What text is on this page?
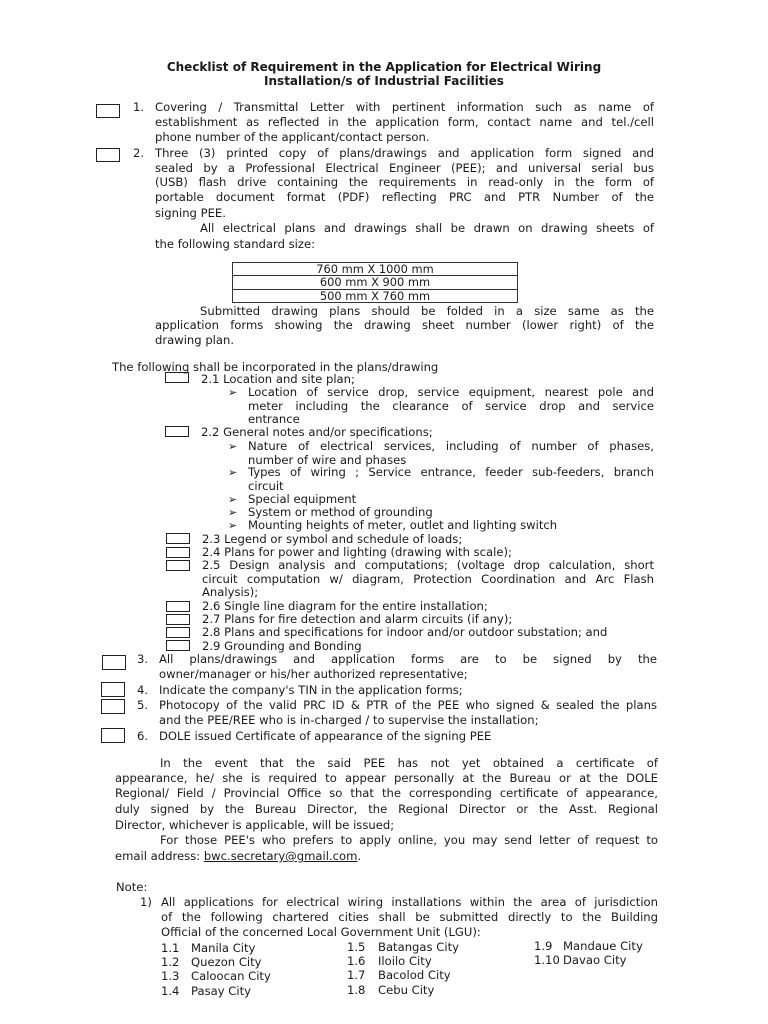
Checklist of Requirement in the Application for Electrical Wiring
Installation/s of Industrial Facilities
1. Covering / Transmittal Letter with pertinent information such as name of
establishment as reflected in the application form, contact name and tel./cell
phone number of the applicant/contact person.
2. Three (3) printed copy of plans/drawings and application form signed and
sealed by a Professional Electrical Engineer (PEE); and universal serial bus
(USB) flash drive containing the requirements in read-only in the form of
portable document format (PDF) reflecting PRC and PTR Number of the
signing PEE.
All electrical plans and drawings shall be drawn on drawing sheets of
the following standard size:
760 mm X 1000 mm
600 mm X 900 mm
500 mm X 760 mm
Submitted drawing plans should be folded in a size same as the
application forms showing the drawing sheet number (lower right) of the
drawing plan.
The following shall be incorporated in the plans/drawing
2.1 Location and site plan;
➢ Location of service drop, service equipment, nearest pole and
meter including the clearance of service drop and service
entrance
2.2 General notes and/or specifications;
➢ Nature of electrical services, including of number of phases,
number of wire and phases
➢ Types of wiring ; Service entrance, feeder sub-feeders, branch
circuit
➢ Special equipment
➢ System or method of grounding
➢ Mounting heights of meter, outlet and lighting switch
2.3 Legend or symbol and schedule of loads;
2.4 Plans for power and lighting (drawing with scale);
2.5 Design analysis and computations; (voltage drop calculation, short
circuit computation w/ diagram, Protection Coordination and Arc Flash
Analysis);
2.6 Single line diagram for the entire installation;
2.7 Plans for fire detection and alarm circuits (if any);
2.8 Plans and specifications for indoor and/or outdoor substation; and
2.9 Grounding and Bonding
3. All plans/drawings and application forms are to be signed by the
owner/manager or his/her authorized representative;
4. Indicate the company's TIN in the application forms;
5. Photocopy of the valid PRC ID & PTR of the PEE who signed & sealed the plans
and the PEE/REE who is in-charged / to supervise the installation;
6. DOLE issued Certificate of appearance of the signing PEE
In the event that the said PEE has not yet obtained a certificate of
appearance, he/ she is required to appear personally at the Bureau or at the DOLE
Regional/ Field / Provincial Office so that the corresponding certificate of appearance,
duly signed by the Bureau Director, the Regional Director or the Asst. Regional
Director, whichever is applicable, will be issued;
For those PEE's who prefers to apply online, you may send letter of request to
email address: bwc.secretary@gmail.com.
Note:
1) All applications for electrical wiring installations within the area of jurisdiction
of the following chartered cities shall be submitted directly to the Building
Official of the concerned Local Government Unit (LGU):
1.1 Manila City
1.2 Quezon City
1.3 Caloocan City
1.4 Pasay City
1.5 Batangas City
1.6 Iloilo City
1.7 Bacolod City
1.8 Cebu City
1.9 Mandaue City
1.10 Davao City
